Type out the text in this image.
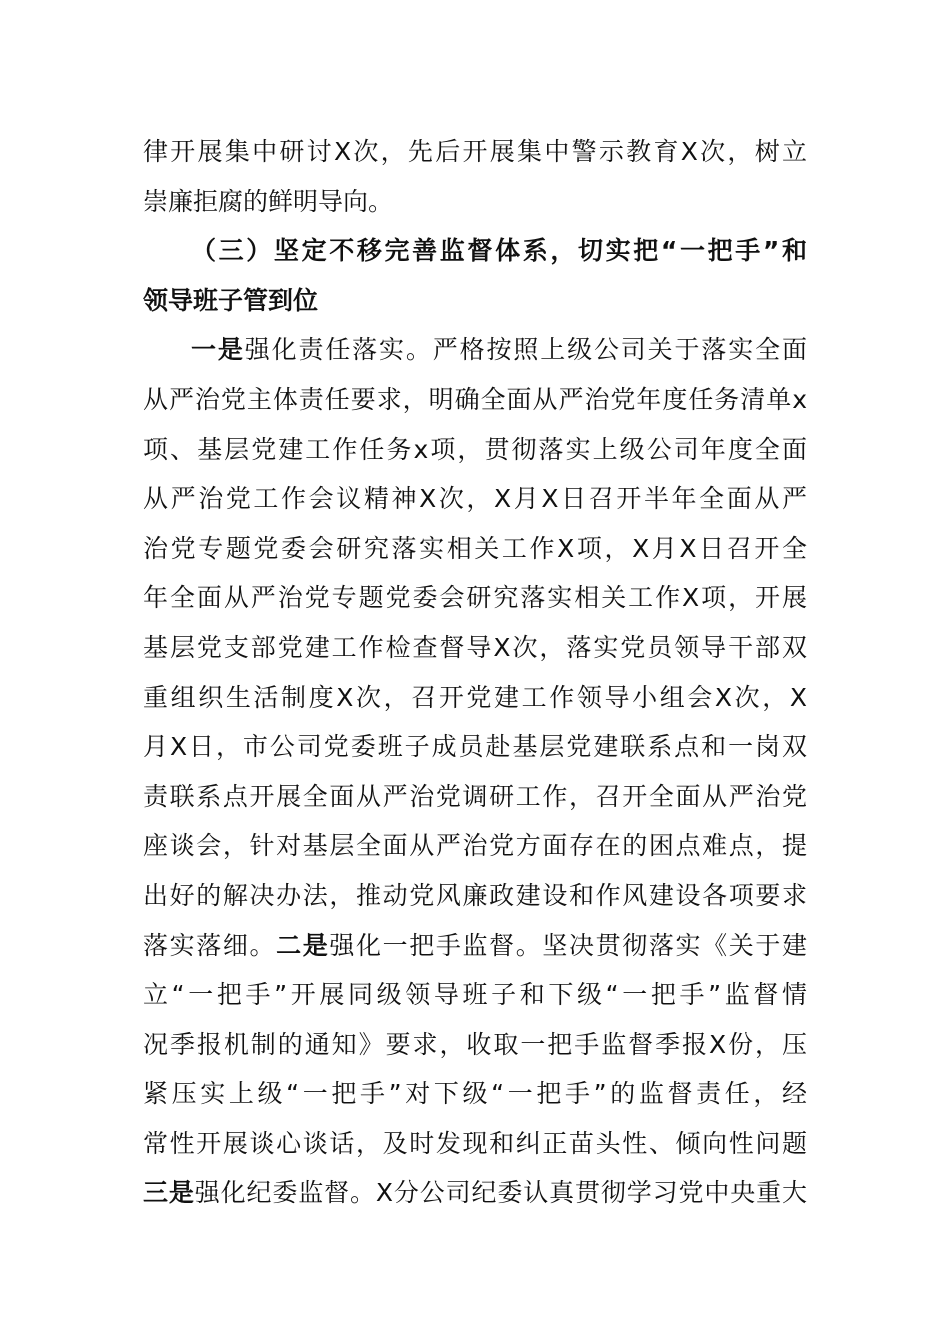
律开展集中研讨X次，先后开展集中警示教育X次，树立
崇廉拒腐的鲜明导向。
（三）坚定不移完善监督体系，切实把“一把手”和
领导班子管到位
一是强化责任落实。严格按照上级公司关于落实全面
从严治党主体责任要求，明确全面从严治党年度任务清单x
项、基层党建工作任务x项，贯彻落实上级公司年度全面
从严治党工作会议精神X次，X月X日召开半年全面从严
治党专题党委会研究落实相关工作X项，X月X日召开全
年全面从严治党专题党委会研究落实相关工作X项，开展
基层党支部党建工作检查督导X次，落实党员领导干部双
重组织生活制度X次，召开党建工作领导小组会X次，X
月X日，市公司党委班子成员赴基层党建联系点和一岗双
责联系点开展全面从严治党调研工作，召开全面从严治党
座谈会，针对基层全面从严治党方面存在的困点难点，提
出好的解决办法，推动党风廉政建设和作风建设各项要求
落实落细。二是强化一把手监督。坚决贯彻落实《关于建
立“一把手”开展同级领导班子和下级“一把手”监督情
况季报机制的通知》要求，收取一把手监督季报X份，压
紧压实上级“一把手”对下级“一把手”的监督责任，经
常性开展谈心谈话，及时发现和纠正苗头性、倾向性问题
三是强化纪委监督。X分公司纪委认真贯彻学习党中央重大
